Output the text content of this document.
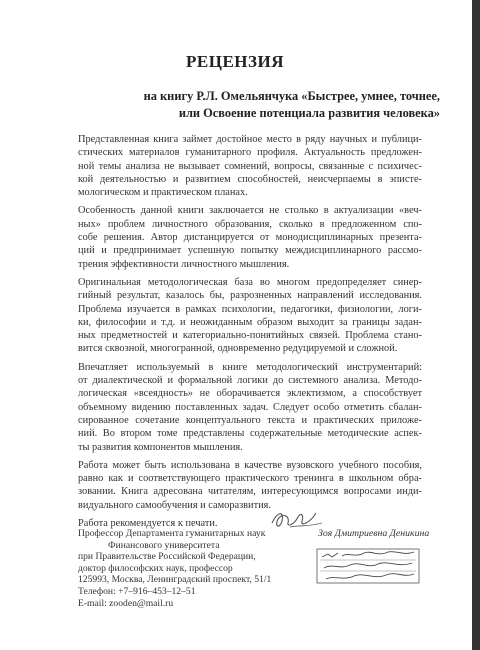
РЕЦЕНЗИЯ
на книгу Р.Л. Омельянчука «Быстрее, умнее, точнее,
или Освоение потенциала развития человека»
Представленная книга займет достойное место в ряду научных и публици-
стических материалов гуманитарного профиля. Актуальность предложен-
ной темы анализа не вызывает сомнений, вопросы, связанные с психичес-
кой деятельностью и развитием способностей, неисчерпаемы в эписте-
мологическом и практическом планах.
Особенность данной книги заключается не столько в актуализации «веч-
ных» проблем личностного образования, сколько в предложенном спо-
собе решения. Автор дистанцируется от монодисциплинарных презента-
ций и предпринимает успешную попытку междисциплинарного рассмо-
трения эффективности личностного мышления.
Оригинальная методологическая база во многом предопределяет синер-
гийный результат, казалось бы, разрозненных направлений исследования.
Проблема изучается в рамках психологии, педагогики, физиологии, логи-
ки, философии и т.д. и неожиданным образом выходит за границы задан-
ных предметностей и категориально-понятийных связей. Проблема стано-
вится сквозной, многогранной, одновременно редуцируемой и сложной.
Впечатляет используемый в книге методологический инструментарий:
от диалектической и формальной логики до системного анализа. Методо-
логическая «всеядность» не оборачивается эклектизмом, а способствует
объемному видению поставленных задач. Следует особо отметить сбалан-
сированное сочетание концептуального текста и практических приложе-
ний. Во втором томе представлены содержательные методические аспек-
ты развития компонентов мышления.
Работа может быть использована в качестве вузовского учебного пособия,
равно как и соответствующего практического тренинга в школьном обра-
зовании. Книга адресована читателям, интересующимся вопросами инди-
видуального самообучения и саморазвития.
Работа рекомендуется к печати.
Зоя Дмитриевна Деникина
Профессор Департамента гуманитарных наук
Финансового университета
при Правительстве Российской Федерации,
доктор философских наук, профессор
125993, Москва, Ленинградский проспект, 51/1
Телефон: +7–916–453–12–51
E-mail: zooden@mail.ru
